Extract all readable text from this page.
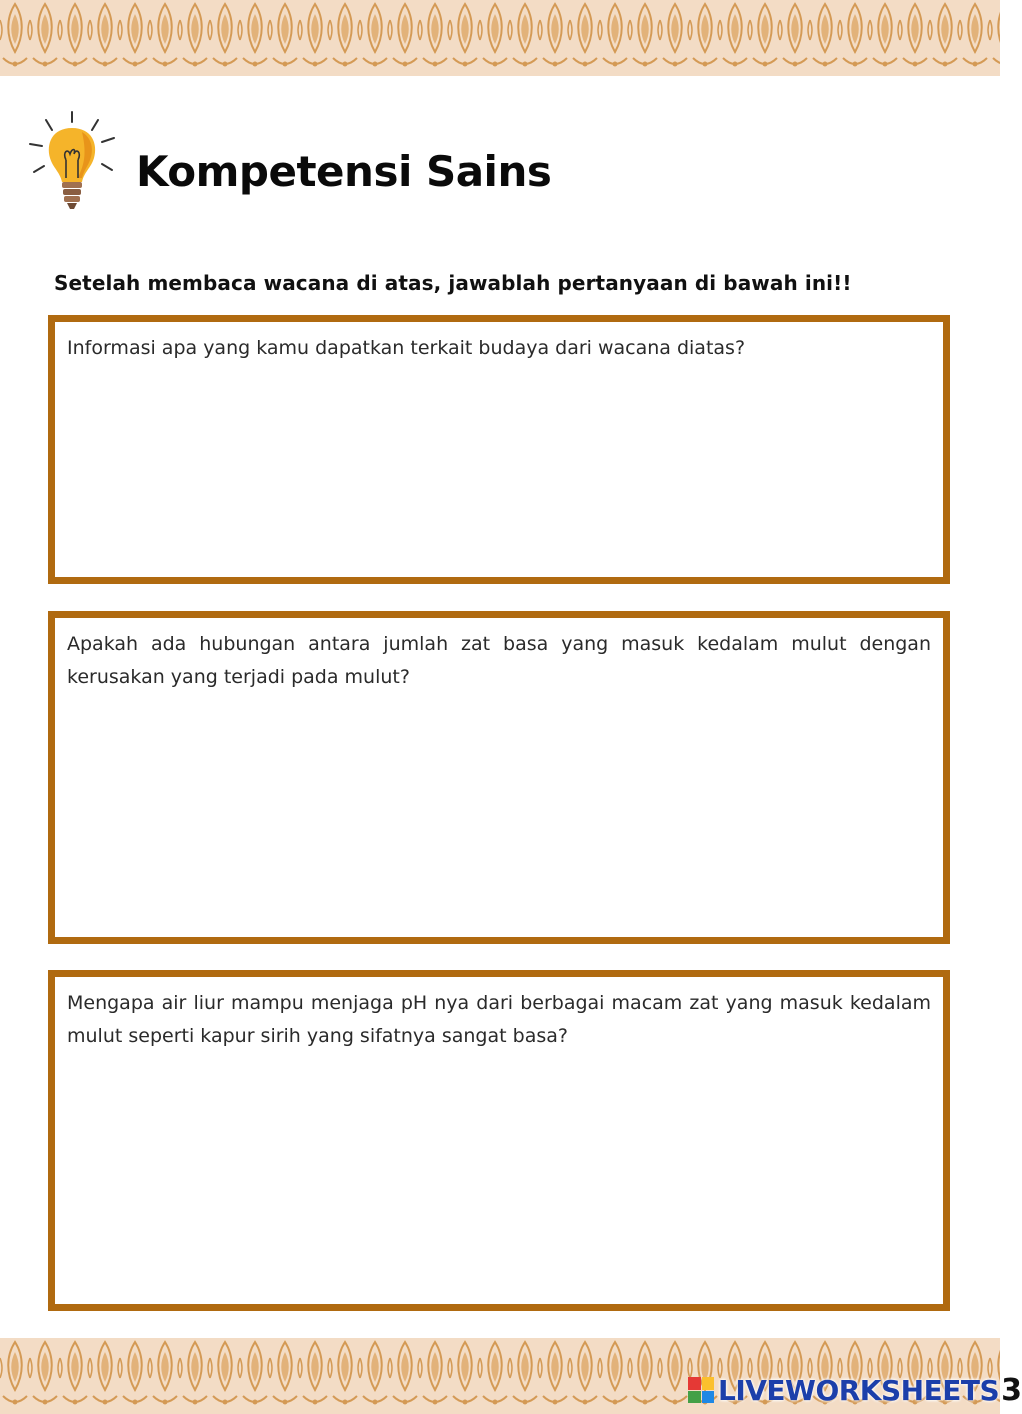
Kompetensi Sains

Setelah membaca wacana di atas, jawablah pertanyaan di bawah ini!!

Informasi apa yang kamu dapatkan terkait budaya dari wacana diatas?

Apakah ada hubungan antara jumlah zat basa yang masuk kedalam mulut dengan kerusakan yang terjadi pada mulut?

Mengapa air liur mampu menjaga pH nya dari berbagai macam zat yang masuk kedalam mulut seperti kapur sirih yang sifatnya sangat basa?

LIVEWORKSHEETS 3
